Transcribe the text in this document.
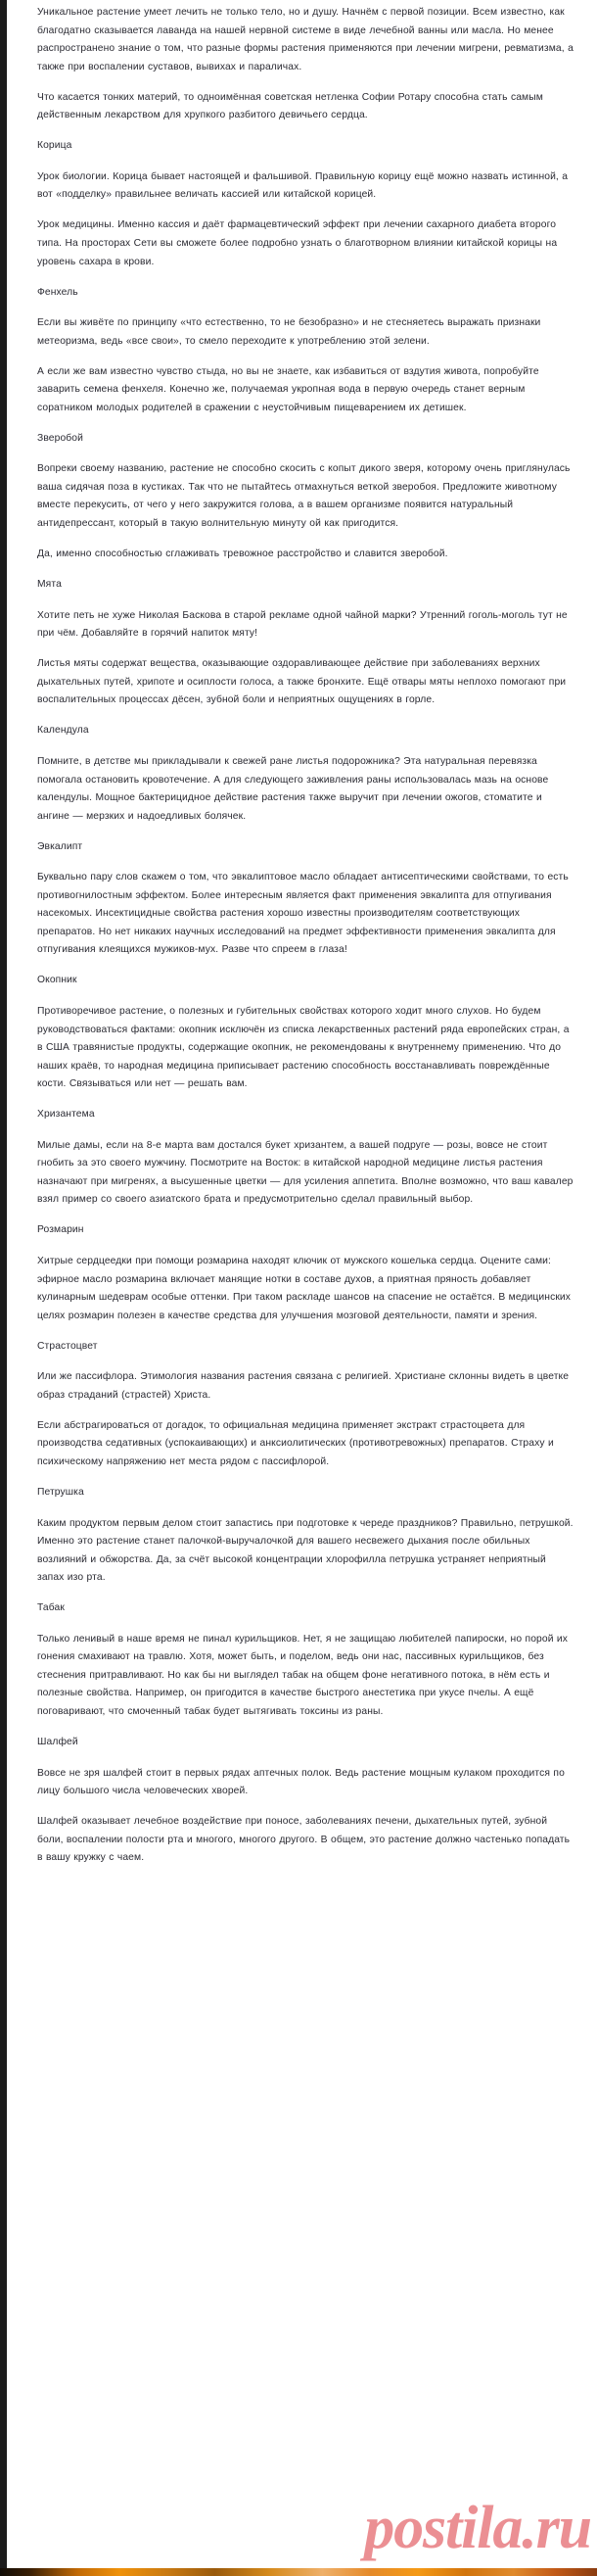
Уникальное растение умеет лечить не только тело, но и душу. Начнём с первой позиции. Всем известно, как благодатно сказывается лаванда на нашей нервной системе в виде лечебной ванны или масла. Но менее распространено знание о том, что разные формы растения применяются при лечении мигрени, ревматизма, а также при воспалении суставов, вывихах и параличах.

Что касается тонких материй, то одноимённая советская нетленка Софии Ротару способна стать самым действенным лекарством для хрупкого разбитого девичьего сердца.

Корица

Урок биологии. Корица бывает настоящей и фальшивой. Правильную корицу ещё можно назвать истинной, а вот «подделку» правильнее величать кассией или китайской корицей.

Урок медицины. Именно кассия и даёт фармацевтический эффект при лечении сахарного диабета второго типа. На просторах Сети вы сможете более подробно узнать о благотворном влиянии китайской корицы на уровень сахара в крови.

Фенхель

Если вы живёте по принципу «что естественно, то не безобразно» и не стесняетесь выражать признаки метеоризма, ведь «все свои», то смело переходите к употреблению этой зелени.

А если же вам известно чувство стыда, но вы не знаете, как избавиться от вздутия живота, попробуйте заварить семена фенхеля. Конечно же, получаемая укропная вода в первую очередь станет верным соратником молодых родителей в сражении с неустойчивым пищеварением их детишек.

Зверобой

Вопреки своему названию, растение не способно скосить с копыт дикого зверя, которому очень приглянулась ваша сидячая поза в кустиках. Так что не пытайтесь отмахнуться веткой зверобоя. Предложите животному вместе перекусить, от чего у него закружится голова, а в вашем организме появится натуральный антидепрессант, который в такую волнительную минуту ой как пригодится.

Да, именно способностью сглаживать тревожное расстройство и славится зверобой.

Мята

Хотите петь не хуже Николая Баскова в старой рекламе одной чайной марки? Утренний гоголь-моголь тут не при чём. Добавляйте в горячий напиток мяту!

Листья мяты содержат вещества, оказывающие оздоравливающее действие при заболеваниях верхних дыхательных путей, хрипоте и осиплости голоса, а также бронхите. Ещё отвары мяты неплохо помогают при воспалительных процессах дёсен, зубной боли и неприятных ощущениях в горле.

Календула

Помните, в детстве мы прикладывали к свежей ране листья подорожника? Эта натуральная перевязка помогала остановить кровотечение. А для следующего заживления раны использовалась мазь на основе календулы. Мощное бактерицидное действие растения также выручит при лечении ожогов, стоматите и ангине — мерзких и надоедливых болячек.

Эвкалипт

Буквально пару слов скажем о том, что эвкалиптовое масло обладает антисептическими свойствами, то есть противогнилостным эффектом. Более интересным является факт применения эвкалипта для отпугивания насекомых. Инсектицидные свойства растения хорошо известны производителям соответствующих препаратов. Но нет никаких научных исследований на предмет эффективности применения эвкалипта для отпугивания клеящихся мужиков-мух. Разве что спреем в глаза!

Окопник

Противоречивое растение, о полезных и губительных свойствах которого ходит много слухов. Но будем руководствоваться фактами: окопник исключён из списка лекарственных растений ряда европейских стран, а в США травянистые продукты, содержащие окопник, не рекомендованы к внутреннему применению. Что до наших краёв, то народная медицина приписывает растению способность восстанавливать повреждённые кости. Связываться или нет — решать вам.

Хризантема

Милые дамы, если на 8-е марта вам достался букет хризантем, а вашей подруге — розы, вовсе не стоит гнобить за это своего мужчину. Посмотрите на Восток: в китайской народной медицине листья растения назначают при мигренях, а высушенные цветки — для усиления аппетита. Вполне возможно, что ваш кавалер взял пример со своего азиатского брата и предусмотрительно сделал правильный выбор.

Розмарин

Хитрые сердцеедки при помощи розмарина находят ключик от мужского кошелька сердца. Оцените сами: эфирное масло розмарина включает манящие нотки в составе духов, а приятная пряность добавляет кулинарным шедеврам особые оттенки. При таком раскладе шансов на спасение не остаётся. В медицинских целях розмарин полезен в качестве средства для улучшения мозговой деятельности, памяти и зрения.

Страстоцвет

Или же пассифлора. Этимология названия растения связана с религией. Христиане склонны видеть в цветке образ страданий (страстей) Христа.

Если абстрагироваться от догадок, то официальная медицина применяет экстракт страстоцвета для производства седативных (успокаивающих) и анксиолитических (противотревожных) препаратов. Страху и психическому напряжению нет места рядом с пассифлорой.

Петрушка

Каким продуктом первым делом стоит запастись при подготовке к череде праздников? Правильно, петрушкой. Именно это растение станет палочкой-выручалочкой для вашего несвежего дыхания после обильных возлияний и обжорства. Да, за счёт высокой концентрации хлорофилла петрушка устраняет неприятный запах изо рта.

Табак

Только ленивый в наше время не пинал курильщиков. Нет, я не защищаю любителей папироски, но порой их гонения смахивают на травлю. Хотя, может быть, и поделом, ведь они нас, пассивных курильщиков, без стеснения притравливают. Но как бы ни выглядел табак на общем фоне негативного потока, в нём есть и полезные свойства. Например, он пригодится в качестве быстрого анестетика при укусе пчелы. А ещё поговаривают, что смоченный табак будет вытягивать токсины из раны.

Шалфей

Вовсе не зря шалфей стоит в первых рядах аптечных полок. Ведь растение мощным кулаком проходится по лицу большого числа человеческих хворей.

Шалфей оказывает лечебное воздействие при поносе, заболеваниях печени, дыхательных путей, зубной боли, воспалении полости рта и многого, многого другого. В общем, это растение должно частенько попадать в вашу кружку с чаем.

postila.ru
